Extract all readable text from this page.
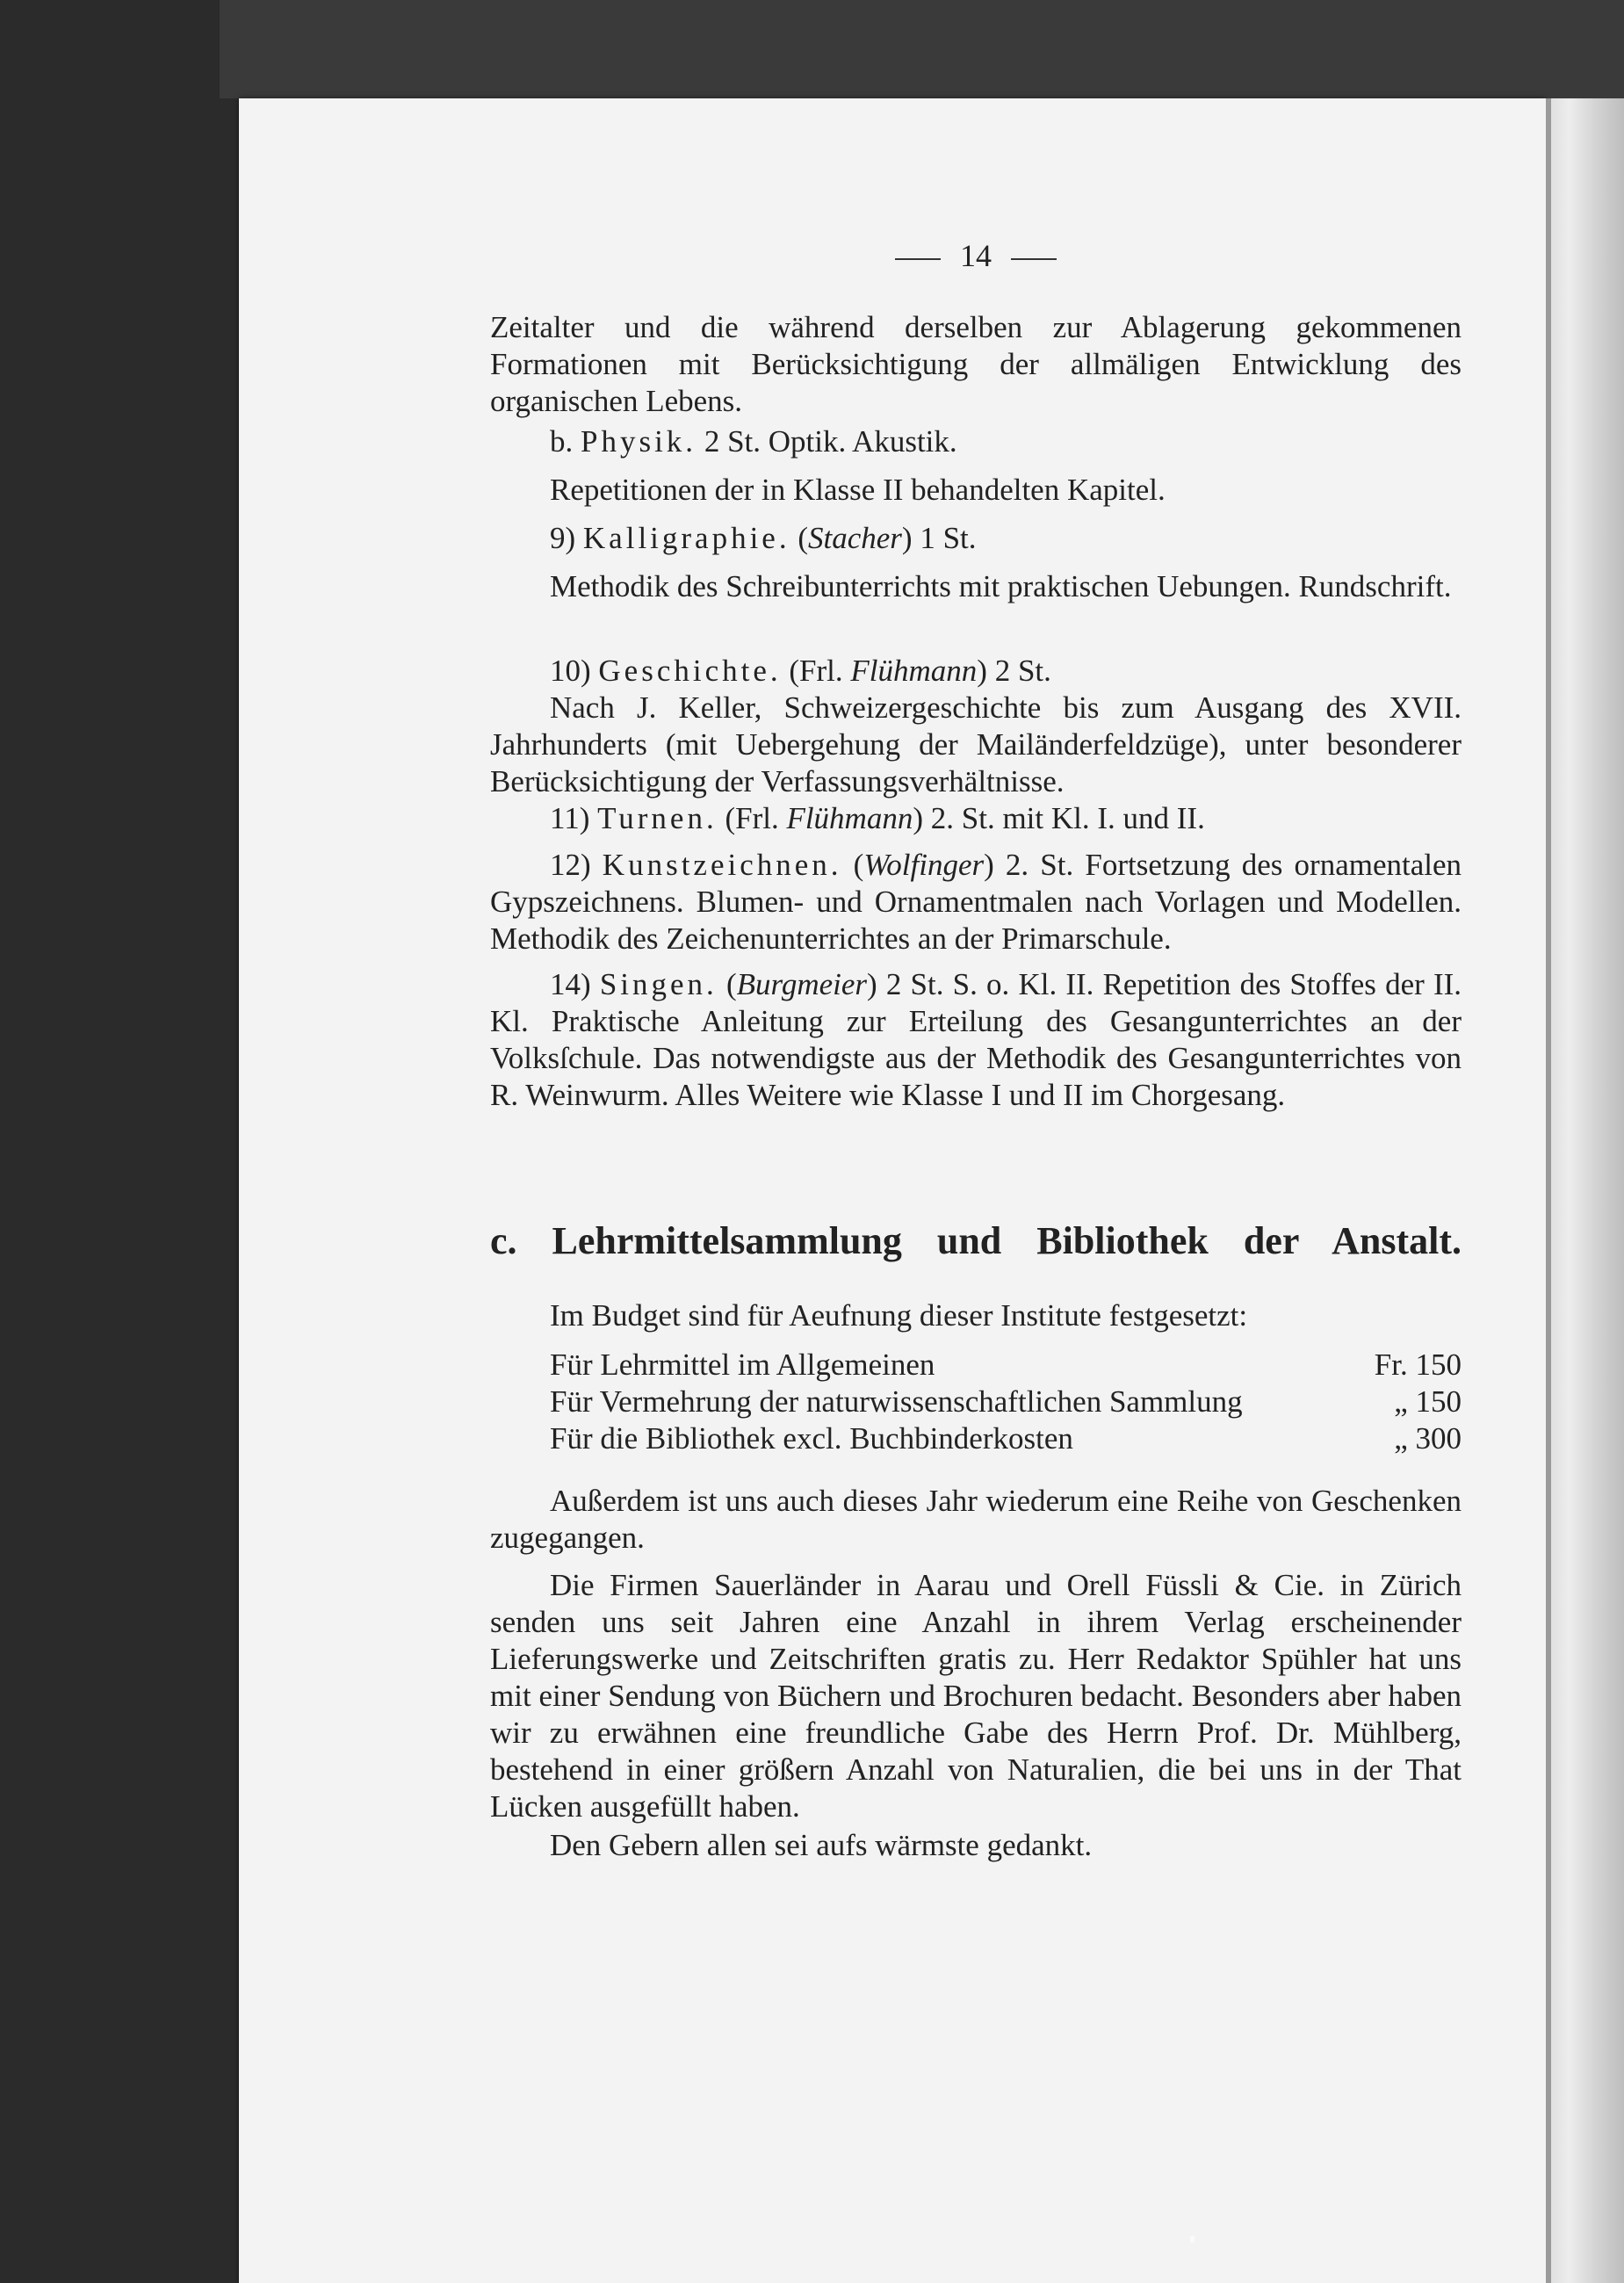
14
Zeitalter und die während derselben zur Ablagerung gekommenen Formationen mit Berücksichtigung der allmäligen Entwicklung des organischen Lebens.
b. Physik. 2 St. Optik. Akustik.
Repetitionen der in Klasse II behandelten Kapitel.
9) Kalligraphie. (Stacher) 1 St.
Methodik des Schreibunterrichts mit praktischen Uebungen. Rundschrift.
10) Geschichte. (Frl. Flühmann) 2 St.
Nach J. Keller, Schweizergeschichte bis zum Ausgang des XVII. Jahrhunderts (mit Uebergehung der Mailänderfeldzüge), unter besonderer Berücksichtigung der Verfassungsverhältnisse.
11) Turnen. (Frl. Flühmann) 2. St. mit Kl. I. und II.
12) Kunstzeichnen. (Wolfinger) 2. St. Fortsetzung des ornamentalen Gypszeichnens. Blumen- und Ornamentmalen nach Vorlagen und Modellen. Methodik des Zeichenunterrichtes an der Primarschule.
14) Singen. (Burgmeier) 2 St. S. o. Kl. II. Repetition des Stoffes der II. Kl. Praktische Anleitung zur Erteilung des Gesangunterrichtes an der Volksſchule. Das notwendigste aus der Methodik des Gesangunterrichtes von R. Weinwurm. Alles Weitere wie Klasse I und II im Chorgesang.
c. Lehrmittelsammlung und Bibliothek der Anstalt.
Im Budget sind für Aeufnung dieser Institute festgesetzt:
Für Lehrmittel im Allgemeinen	Fr. 150
Für Vermehrung der naturwissenschaftlichen Sammlung	„ 150
Für die Bibliothek excl. Buchbinderkosten	„ 300
Außerdem ist uns auch dieses Jahr wiederum eine Reihe von Geschenken zugegangen.
Die Firmen Sauerländer in Aarau und Orell Füssli & Cie. in Zürich senden uns seit Jahren eine Anzahl in ihrem Verlag erscheinender Lieferungswerke und Zeitschriften gratis zu. Herr Redaktor Spühler hat uns mit einer Sendung von Büchern und Brochuren bedacht. Besonders aber haben wir zu erwähnen eine freundliche Gabe des Herrn Prof. Dr. Mühlberg, bestehend in einer größern Anzahl von Naturalien, die bei uns in der That Lücken ausgefüllt haben.
Den Gebern allen sei aufs wärmste gedankt.
